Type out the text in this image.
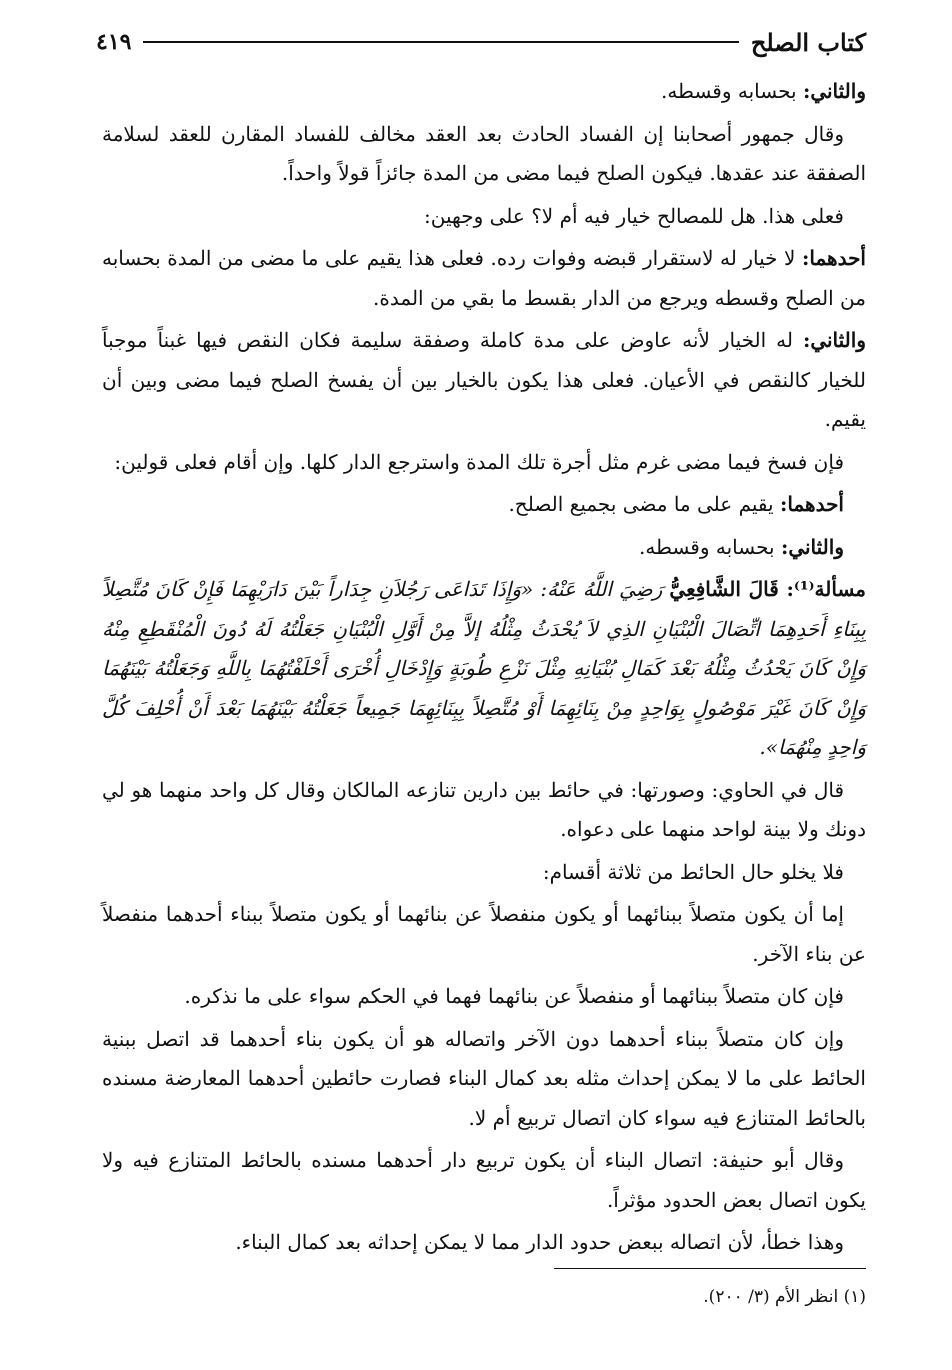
كتاب الصلح
٤١٩

والثاني: بحسابه وقسطه.

وقال جمهور أصحابنا إن الفساد الحادث بعد العقد مخالف للفساد المقارن للعقد لسلامة الصفقة عند عقدها. فيكون الصلح فيما مضى من المدة جائزاً قولاً واحداً.

فعلى هذا. هل للمصالح خيار فيه أم لا؟ على وجهين:

أحدهما: لا خيار له لاستقرار قبضه وفوات رده. فعلى هذا يقيم على ما مضى من المدة بحسابه من الصلح وقسطه ويرجع من الدار بقسط ما بقي من المدة.

والثاني: له الخيار لأنه عاوض على مدة كاملة وصفقة سليمة فكان النقص فيها غبناً موجباً للخيار كالنقص في الأعيان. فعلى هذا يكون بالخيار بين أن يفسخ الصلح فيما مضى وبين أن يقيم.

فإن فسخ فيما مضى غرم مثل أجرة تلك المدة واسترجع الدار كلها. وإن أقام فعلى قولين:

أحدهما: يقيم على ما مضى بجميع الصلح.

والثاني: بحسابه وقسطه.

مسألة⁽¹⁾: قَالَ الشَّافِعِيُّ رَضِيَ اللَّهُ عَنْهُ: «وَإِذَا تَدَاعَى رَجُلاَنِ جِدَاراً بَيْنَ دَارَيْهِمَا فَإِنْ كَانَ مُتَّصِلاً بِبِنَاءِ أَحَدِهِمَا اتِّصَالَ الْبُنْيَانِ الذِي لاَ يُحْدَثُ مِثْلُهُ إلاَّ مِنْ أَوَّلِ الْبُنْيَانِ جَعَلْتُهُ لَهُ دُونَ الْمُنْقَطِعِ مِنْهُ وَإِنْ كَانَ يَحْدُثُ مِثْلُهُ بَعْدَ كَمَالِ بُنْيَانِهِ مِثْلَ نَزْعِ طُوبَةٍ وَإِدْخَالِ أُخْرَى أَحْلَفْتُهُمَا بِاللَّهِ وَجَعَلْتُهُ بَيْنَهُمَا وَإِنْ كَانَ غَيْرَ مَوْصُولٍ بِوَاحِدٍ مِنْ بِنَائِهِمَا أَوْ مُتَّصِلاً بِبِنَائِهِمَا جَمِيعاً جَعَلْتُهُ بَيْنَهُمَا بَعْدَ أَنْ أُحْلِفَ كُلَّ وَاحِدٍ مِنْهُمَا».

قال في الحاوي: وصورتها: في حائط بين دارين تنازعه المالكان وقال كل واحد منهما هو لي دونك ولا بينة لواحد منهما على دعواه.

فلا يخلو حال الحائط من ثلاثة أقسام:

إما أن يكون متصلاً ببنائهما أو يكون منفصلاً عن بنائهما أو يكون متصلاً ببناء أحدهما منفصلاً عن بناء الآخر.

فإن كان متصلاً ببنائهما أو منفصلاً عن بنائهما فهما في الحكم سواء على ما نذكره.

وإن كان متصلاً ببناء أحدهما دون الآخر واتصاله هو أن يكون بناء أحدهما قد اتصل ببنية الحائط على ما لا يمكن إحداث مثله بعد كمال البناء فصارت حائطين أحدهما المعارضة مسنده بالحائط المتنازع فيه سواء كان اتصال تربيع أم لا.

وقال أبو حنيفة: اتصال البناء أن يكون تربيع دار أحدهما مسنده بالحائط المتنازع فيه ولا يكون اتصال بعض الحدود مؤثراً.

وهذا خطأ، لأن اتصاله ببعض حدود الدار مما لا يمكن إحداثه بعد كمال البناء.

(١) انظر الأم (٣/ ٢٠٠).
